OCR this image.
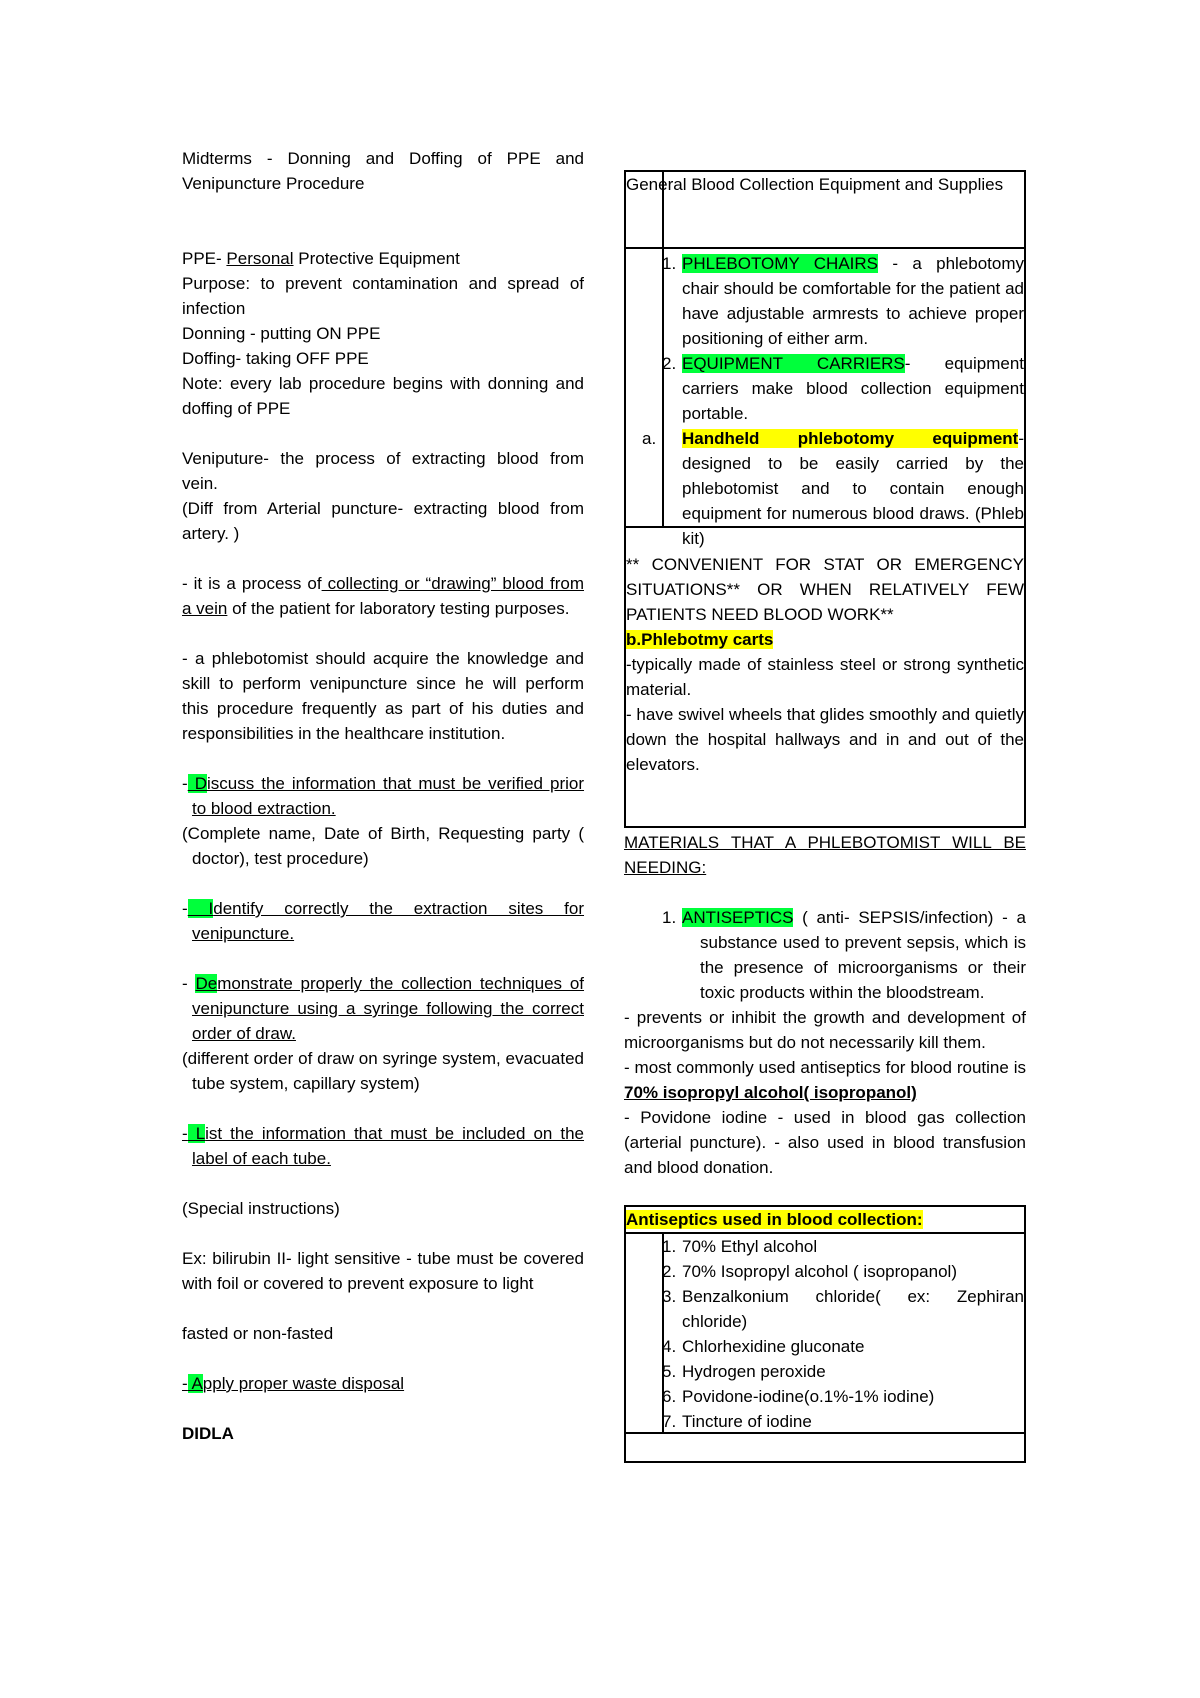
Midterms - Donning and Doffing of PPE and Venipuncture Procedure

PPE- Personal Protective Equipment

Purpose: to prevent contamination and spread of infection

Donning - putting ON PPE

Doffing- taking OFF PPE

Note: every lab procedure begins with donning and doffing of PPE

Veniputure- the process of extracting blood from vein.

(Diff from Arterial puncture- extracting blood from artery. )

- it is a process of collecting or “drawing” blood from a vein of the patient for laboratory testing purposes.

- a phlebotomist should acquire the knowledge and skill to perform venipuncture since he will perform this procedure frequently as part of his duties and responsibilities in the healthcare institution.

- Discuss the information that must be verified prior to blood extraction.

(Complete name, Date of Birth, Requesting party ( doctor), test procedure)

- Identify correctly the extraction sites for venipuncture.

- Demonstrate properly the collection techniques of venipuncture using a syringe following the correct order of draw.

(different order of draw on syringe system, evacuated tube system, capillary system)

- List the information that must be included on the label of each tube.

(Special instructions)

Ex: bilirubin II- light sensitive - tube must be covered with foil or covered to prevent exposure to light

fasted or non-fasted

- Apply proper waste disposal

DIDLA

General Blood Collection Equipment and Supplies

1. PHLEBOTOMY CHAIRS - a phlebotomy chair should be comfortable for the patient ad have adjustable armrests to achieve proper positioning of either arm.
2. EQUIPMENT CARRIERS- equipment carriers make blood collection equipment portable.
a.	Handheld phlebotomy equipment- designed to be easily carried by the phlebotomist and to contain enough equipment for numerous blood draws. (Phleb kit)

** CONVENIENT FOR STAT OR EMERGENCY SITUATIONS** OR WHEN RELATIVELY FEW PATIENTS NEED BLOOD WORK**

b.Phlebotmy carts

-typically made of stainless steel or strong synthetic material.

- have swivel wheels that glides smoothly and quietly down the hospital hallways and in and out of the elevators.

MATERIALS THAT A PHLEBOTOMIST WILL BE NEEDING:

1. ANTISEPTICS ( anti- SEPSIS/infection) - a substance used to prevent sepsis, which is the presence of microorganisms or their toxic products within the bloodstream.

- prevents or inhibit the growth and development of microorganisms but do not necessarily kill them.

- most commonly used antiseptics for blood routine is 70% isopropyl alcohol( isopropanol)

- Povidone iodine - used in blood gas collection (arterial puncture). - also used in blood transfusion and blood donation.

Antiseptics used in blood collection:

1. 70% Ethyl alcohol
2. 70% Isopropyl alcohol ( isopropanol)
3. Benzalkonium chloride( ex: Zephiran chloride)
4. Chlorhexidine gluconate
5. Hydrogen peroxide
6. Povidone-iodine(o.1%-1% iodine)
7. Tincture of iodine
